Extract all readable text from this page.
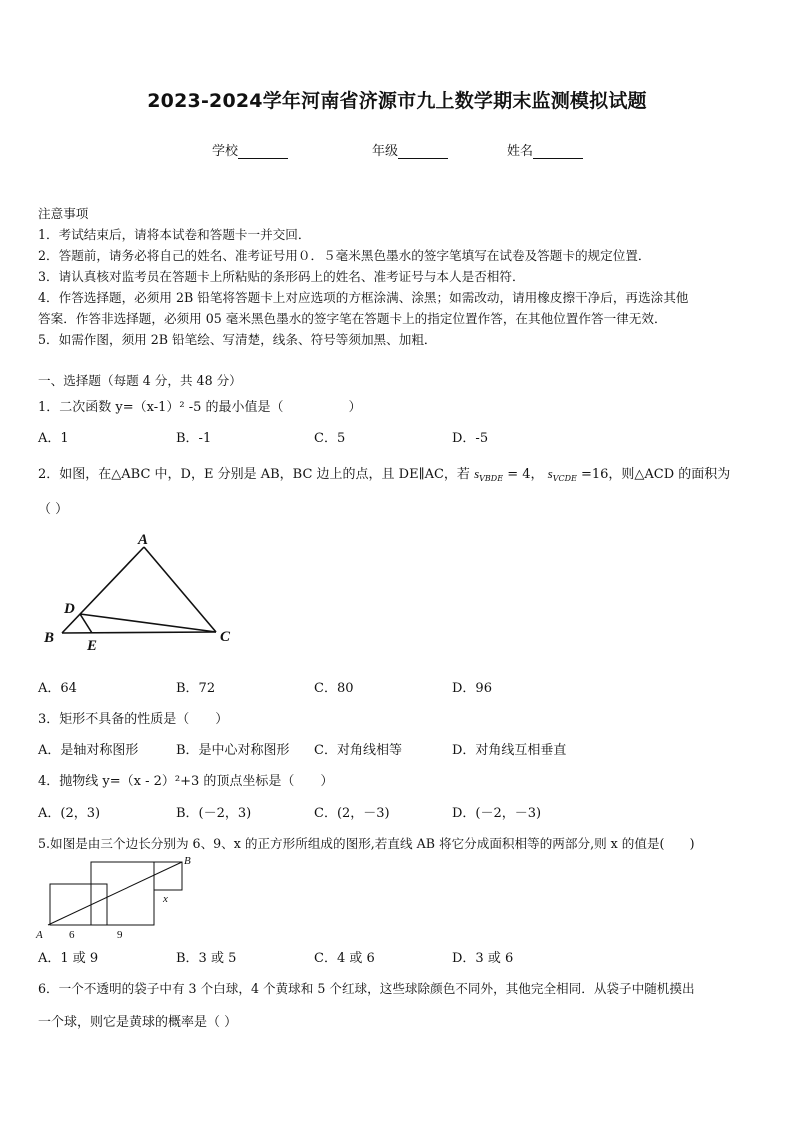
2023-2024学年河南省济源市九上数学期末监测模拟试题
学校	年级	姓名
注意事项
1．考试结束后，请将本试卷和答题卡一并交回．
2．答题前，请务必将自己的姓名、准考证号用０．５毫米黑色墨水的签字笔填写在试卷及答题卡的规定位置．
3．请认真核对监考员在答题卡上所粘贴的条形码上的姓名、准考证号与本人是否相符．
4．作答选择题，必须用 2B 铅笔将答题卡上对应选项的方框涂满、涂黑；如需改动，请用橡皮擦干净后，再选涂其他
答案．作答非选择题，必须用 05 毫米黑色墨水的签字笔在答题卡上的指定位置作答，在其他位置作答一律无效．
5．如需作图，须用 2B 铅笔绘、写清楚，线条、符号等须加黑、加粗．
一、选择题（每题 4 分，共 48 分）
1．二次函数 y=（x-1）² -5 的最小值是（　　　　　）
A．1	B．-1	C．5	D．-5
2．如图，在△ABC 中，D，E 分别是 AB，BC 边上的点，且 DE∥AC，若 $s_{VBDE} = 4$， $s_{VCDE} =16$，则△ACD 的面积为
（ ）
A
B	C
D
E
A．64	B．72	C．80	D．96
3．矩形不具备的性质是（　　）
A．是轴对称图形	B．是中心对称图形 C．对角线相等	D．对角线互相垂直
4．抛物线 y=（x - 2）²+3 的顶点坐标是（　　）
A．(2，3)	B．(－2，3)	C．(2，－3)	D．(－2，－3)
5.如图是由三个边长分别为 6、9、x 的正方形所组成的图形,若直线 AB 将它分成面积相等的两部分,则 x 的值是(　　)
A
B
6	9
x
A．1 或 9	B．3 或 5	C．4 或 6	D．3 或 6
6．一个不透明的袋子中有 3 个白球，4 个黄球和 5 个红球，这些球除颜色不同外，其他完全相同．从袋子中随机摸出
一个球，则它是黄球的概率是（ ）
